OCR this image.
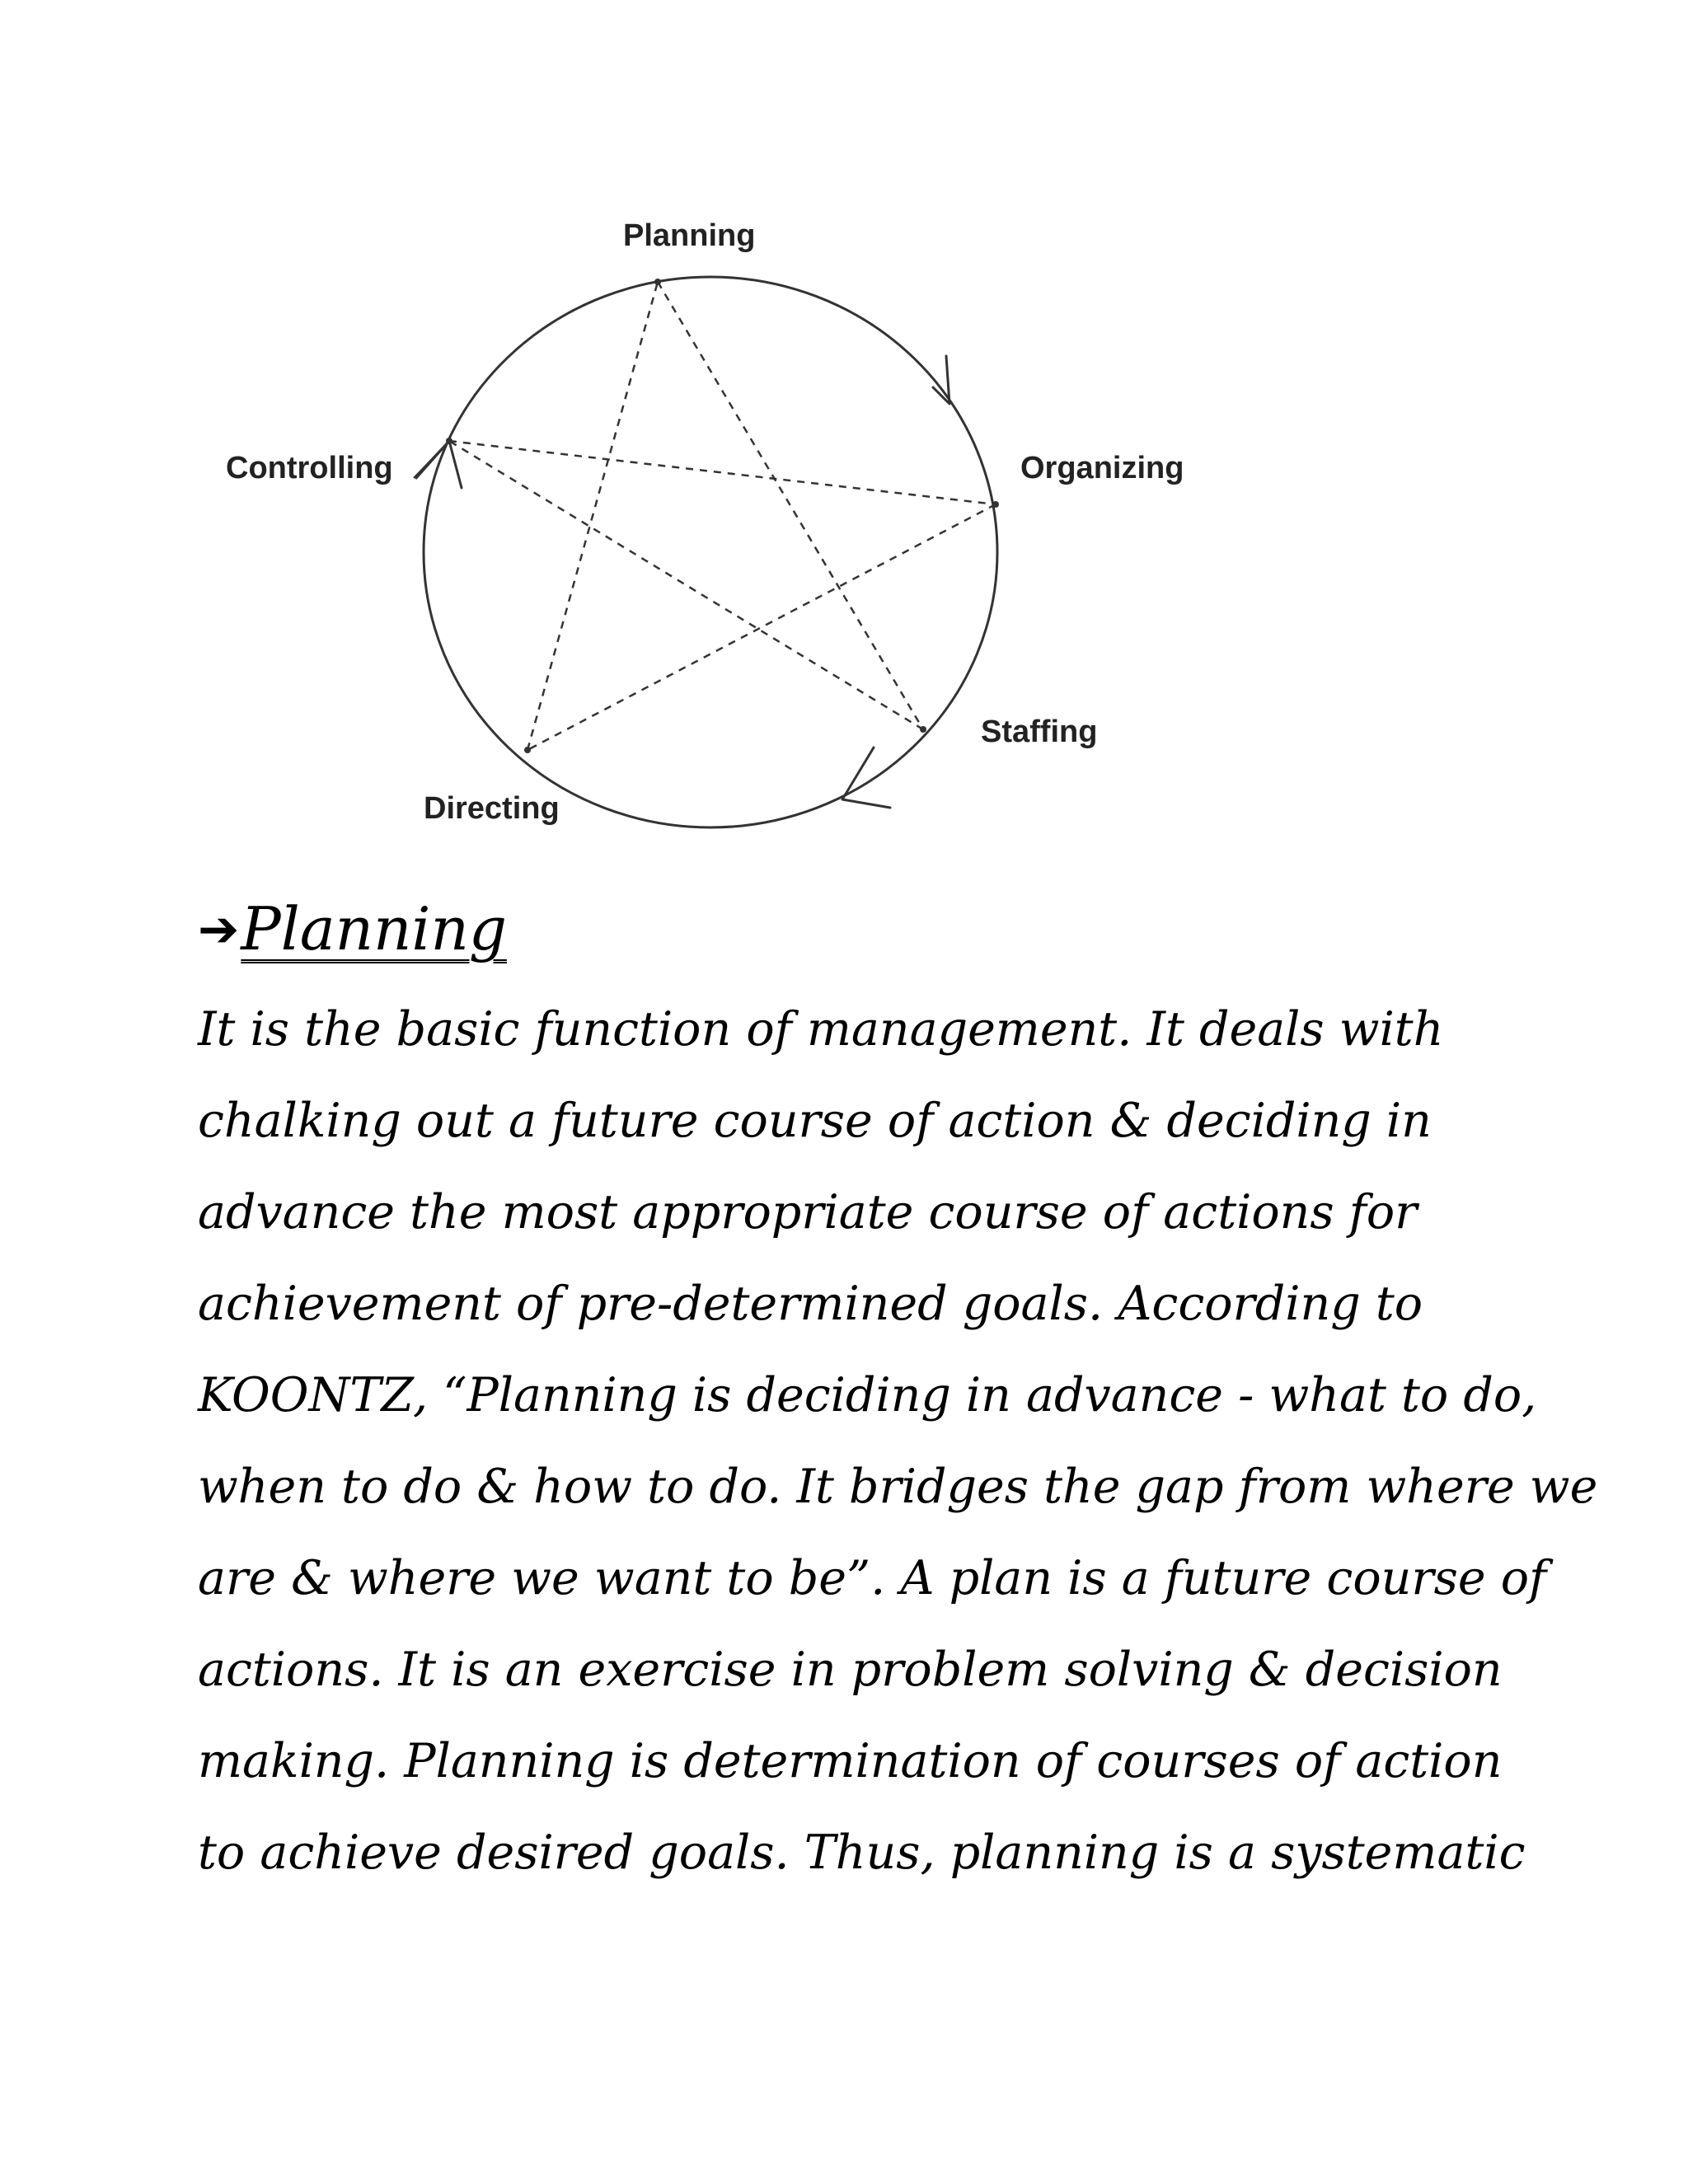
Planning
Organizing
Staffing
Directing
Controlling
➔Planning
It is the basic function of management. It deals with
chalking out a future course of action & deciding in
advance the most appropriate course of actions for
achievement of pre-determined goals. According to
KOONTZ, “Planning is deciding in advance - what to do,
when to do & how to do. It bridges the gap from where we
are & where we want to be”. A plan is a future course of
actions. It is an exercise in problem solving & decision
making. Planning is determination of courses of action
to achieve desired goals. Thus, planning is a systematic
